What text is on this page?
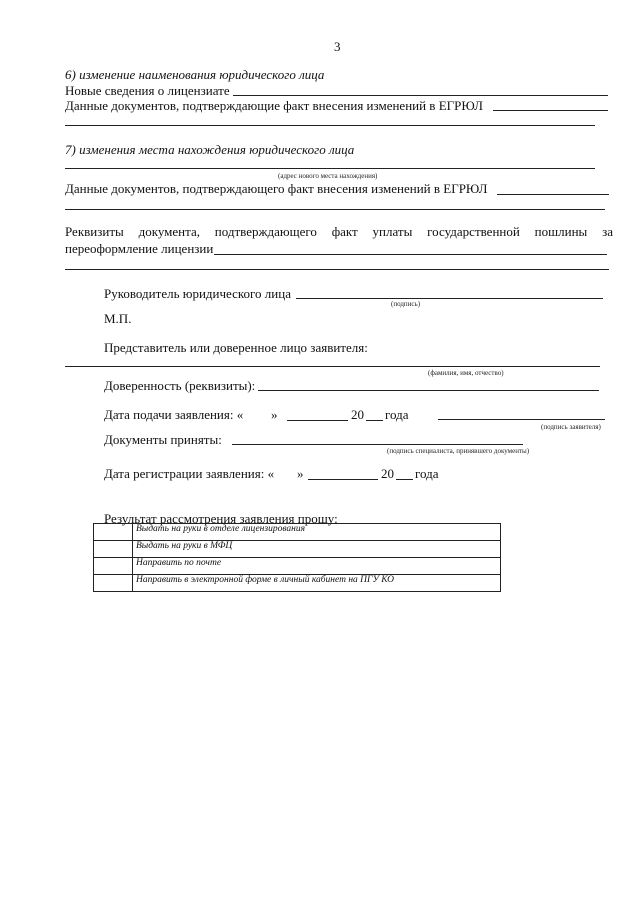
3
6) изменение наименования юридического лица
Новые сведения о лицензиате
Данные документов, подтверждающие факт внесения изменений в ЕГРЮЛ
7) изменения места нахождения юридического лица
(адрес нового места нахождения)
Данные документов, подтверждающего факт внесения изменений в ЕГРЮЛ
Реквизиты документа, подтверждающего факт уплаты государственной пошлины за
переоформление лицензии
Руководитель юридического лица
(подпись)
М.П.
Представитель или доверенное лицо заявителя:
(фамилия, имя, отчество)
Доверенность (реквизиты):
Дата подачи заявления: « »	20 года
(подпись заявителя)
Документы приняты:
(подпись специалиста, принявшего документы)
Дата регистрации заявления: « »	20 года
Результат рассмотрения заявления прошу:
	Выдать на руки в отделе лицензирования
	Выдать на руки в МФЦ
	Направить по почте
	Направить в электронной форме в личный кабинет на ПГУ КО
